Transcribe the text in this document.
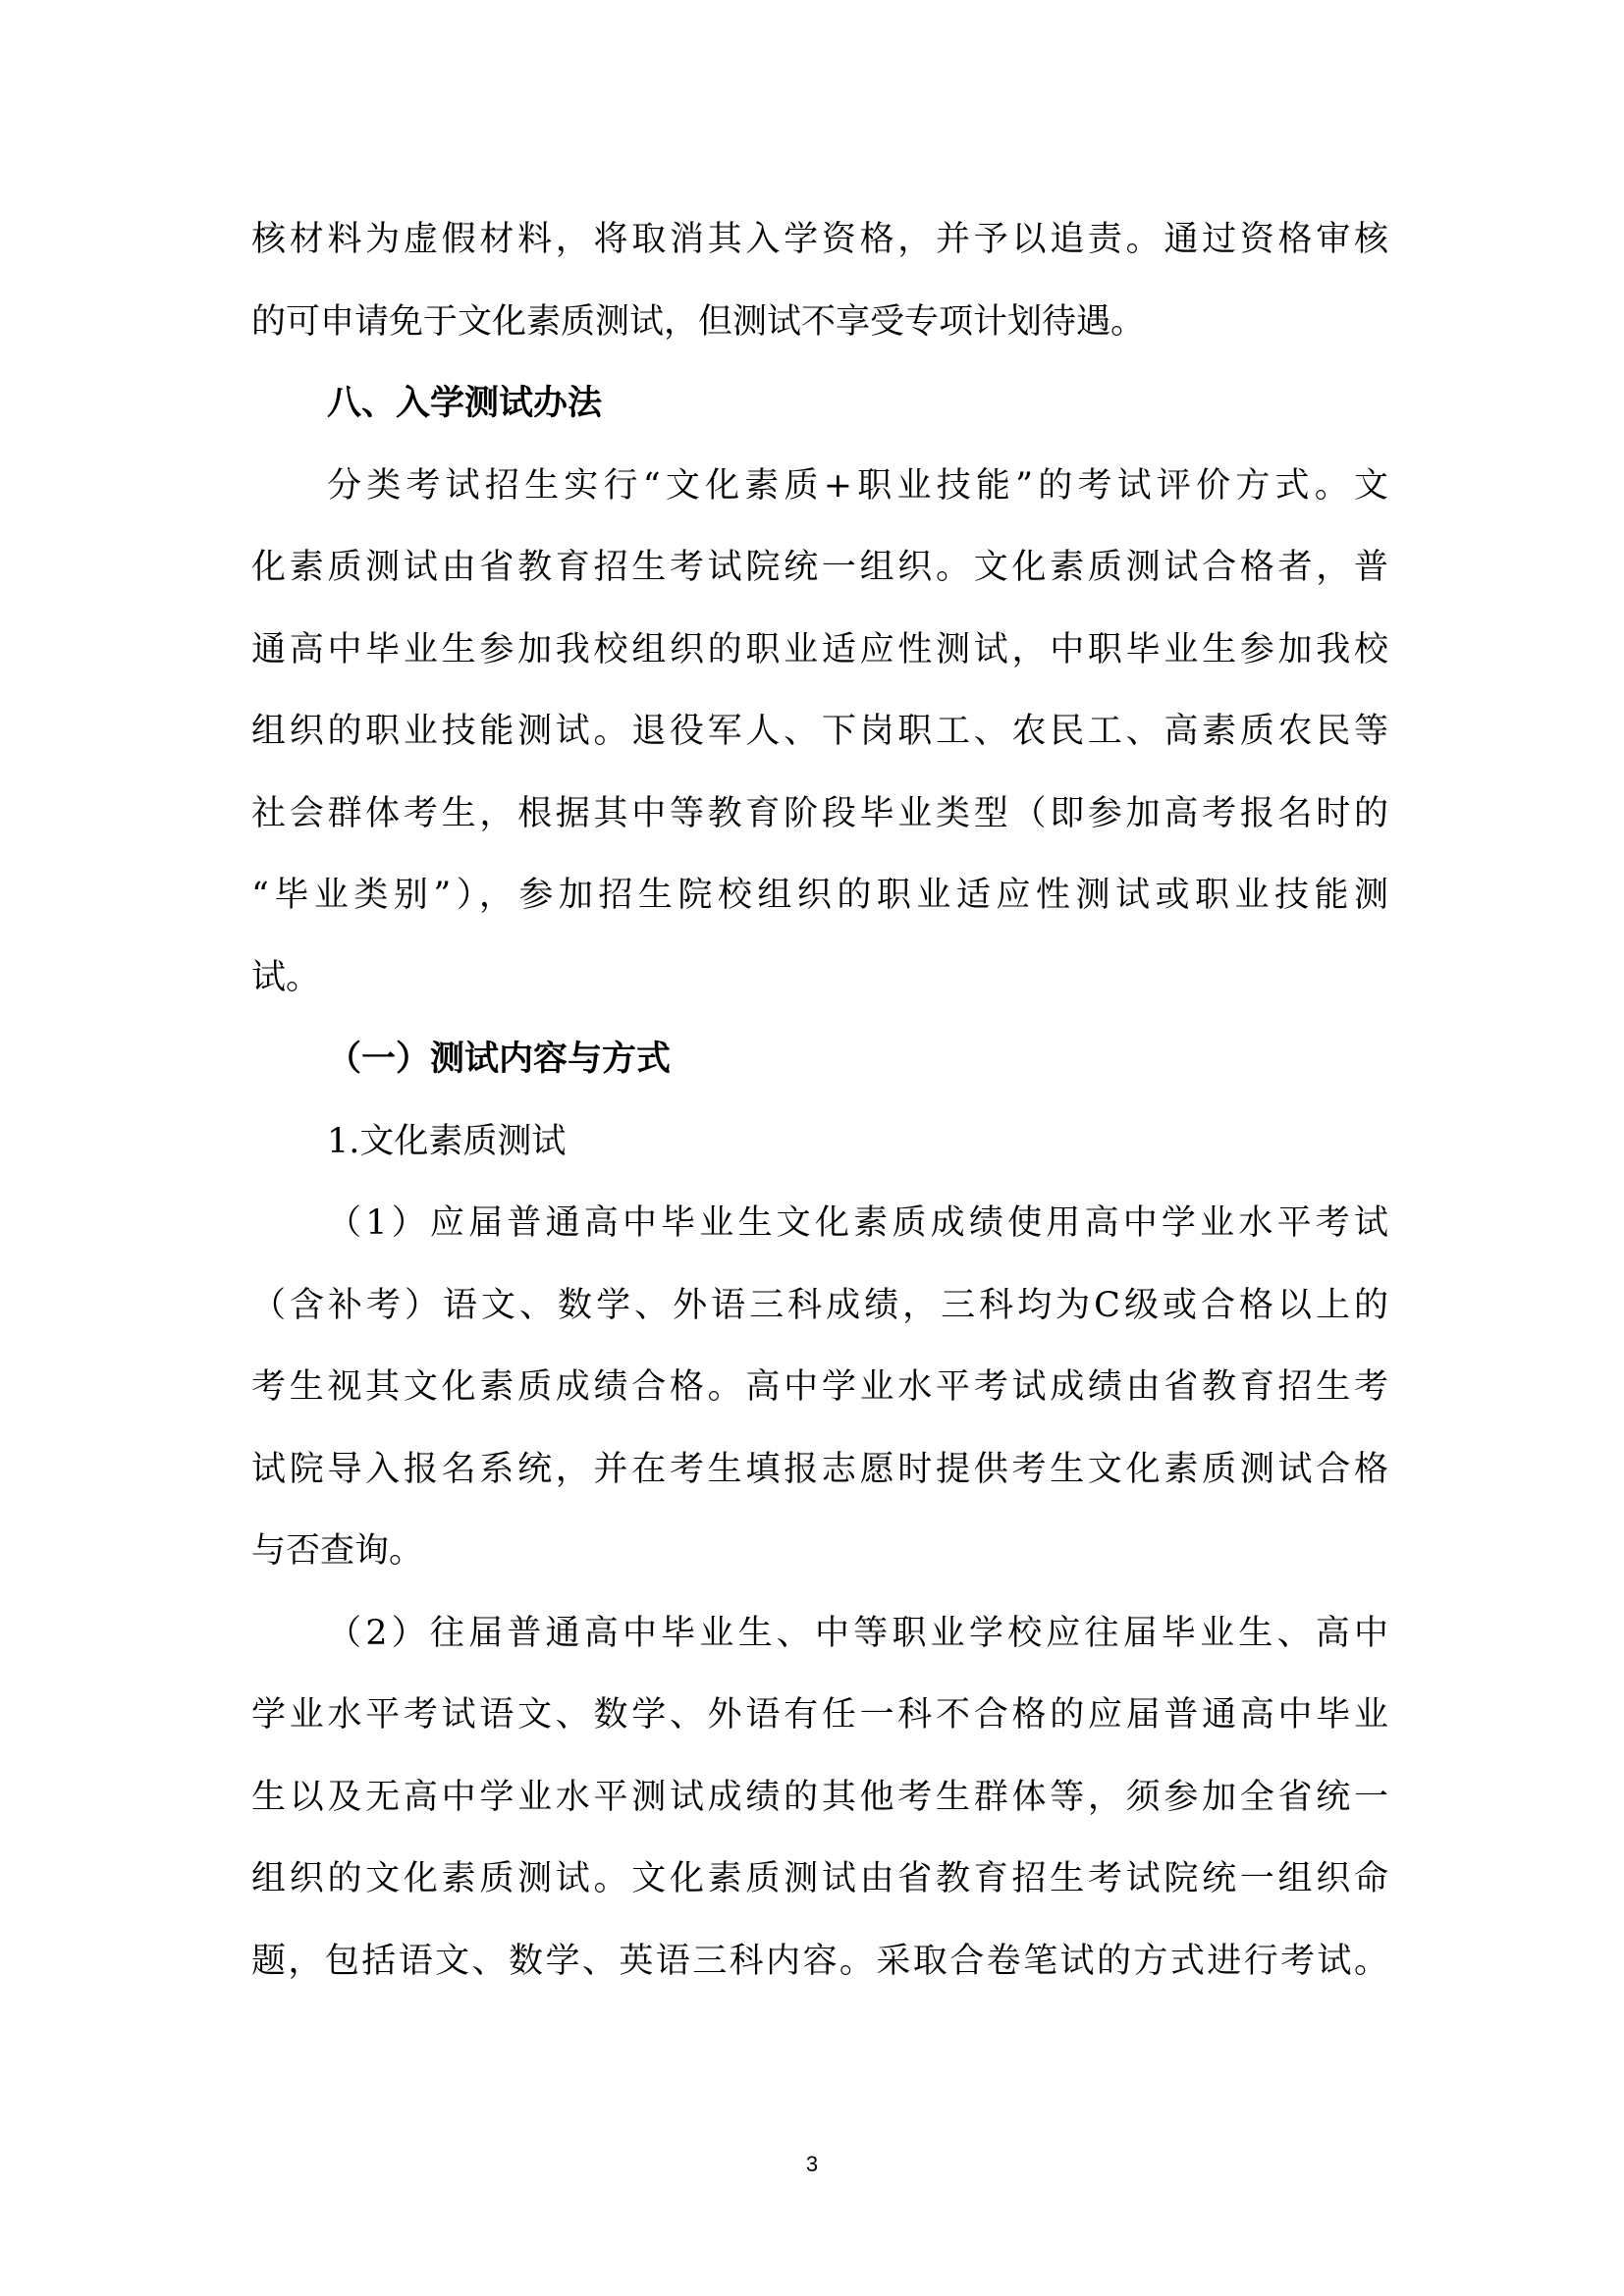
核材料为虚假材料，将取消其入学资格，并予以追责。通过资格审核
的可申请免于文化素质测试，但测试不享受专项计划待遇。
八、入学测试办法
分类考试招生实行“文化素质+职业技能”的考试评价方式。文
化素质测试由省教育招生考试院统一组织。文化素质测试合格者，普
通高中毕业生参加我校组织的职业适应性测试，中职毕业生参加我校
组织的职业技能测试。退役军人、下岗职工、农民工、高素质农民等
社会群体考生，根据其中等教育阶段毕业类型（即参加高考报名时的
“毕业类别”），参加招生院校组织的职业适应性测试或职业技能测
试。
（一）测试内容与方式
1.文化素质测试
（1）应届普通高中毕业生文化素质成绩使用高中学业水平考试
（含补考）语文、数学、外语三科成绩，三科均为C级或合格以上的
考生视其文化素质成绩合格。高中学业水平考试成绩由省教育招生考
试院导入报名系统，并在考生填报志愿时提供考生文化素质测试合格
与否查询。
（2）往届普通高中毕业生、中等职业学校应往届毕业生、高中
学业水平考试语文、数学、外语有任一科不合格的应届普通高中毕业
生以及无高中学业水平测试成绩的其他考生群体等，须参加全省统一
组织的文化素质测试。文化素质测试由省教育招生考试院统一组织命
题，包括语文、数学、英语三科内容。采取合卷笔试的方式进行考试。
3
